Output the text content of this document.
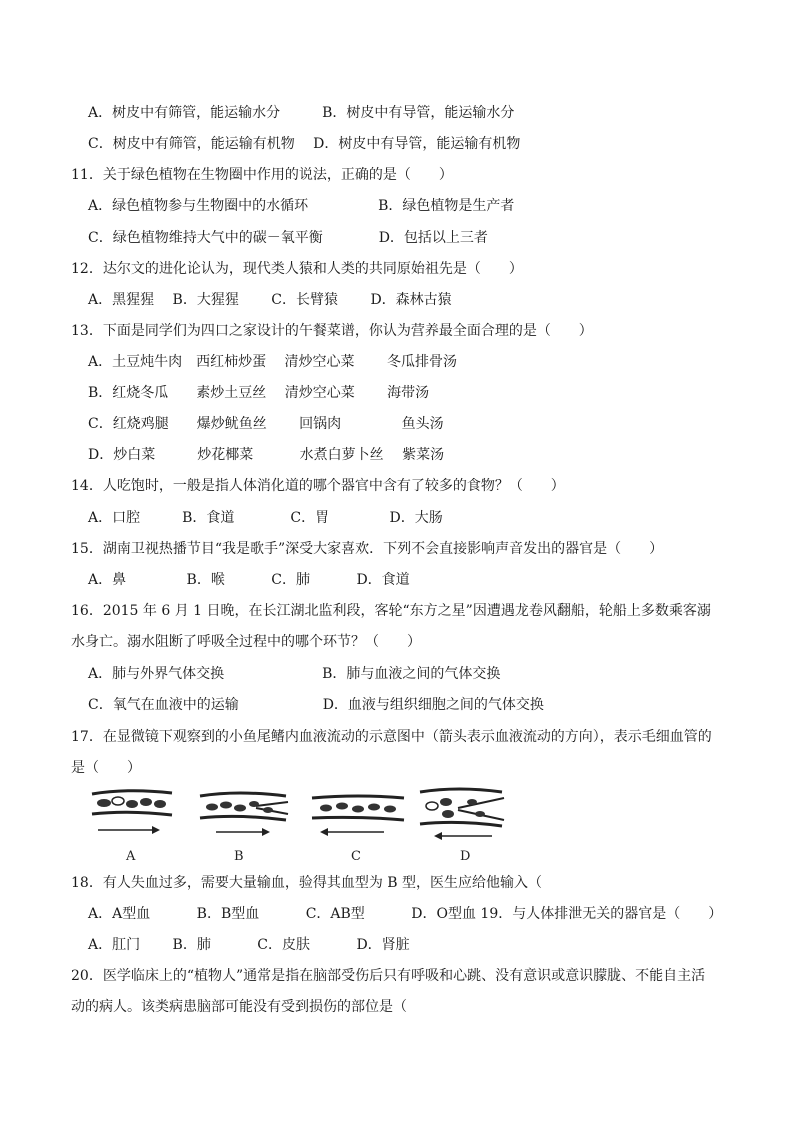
A．树皮中有筛管，能运输水分　　　B．树皮中有导管，能运输水分
C．树皮中有筛管，能运输有机物　 D．树皮中有导管，能运输有机物
11．关于绿色植物在生物圈中作用的说法，正确的是（　　）
A．绿色植物参与生物圈中的水循环　　　　　B．绿色植物是生产者
C．绿色植物维持大气中的碳－氧平衡　　　　D．包括以上三者
12．达尔文的进化论认为，现代类人猿和人类的共同原始祖先是（　　）
A．黑猩猩　 B．大猩猩　　 C．长臂猿　　 D．森林古猿
13．下面是同学们为四口之家设计的午餐菜谱，你认为营养最全面合理的是（　　）
A．土豆炖牛肉　西红柿炒蛋　 清炒空心菜　　 冬瓜排骨汤
B．红烧冬瓜　　素炒土豆丝　 清炒空心菜　　 海带汤
C．红烧鸡腿　　爆炒鱿鱼丝　　 回锅肉　　　　 鱼头汤
D．炒白菜　　　炒花椰菜　　　 水煮白萝卜丝　 紫菜汤
14．人吃饱时，一般是指人体消化道的哪个器官中含有了较多的食物？（　　）
A．口腔　　　B．食道　　　　C．胃　　　　 D．大肠
15．湖南卫视热播节目“我是歌手”深受大家喜欢．下列不会直接影响声音发出的器官是（　　）
A．鼻　　　　 B．喉　　　 C．肺　　　 D．食道
16．2015 年 6 月 1 日晚，在长江湖北监利段，客轮“东方之星”因遭遇龙卷风翻船，轮船上多数乘客溺
水身亡。溺水阻断了呼吸全过程中的哪个环节？（　　）
A．肺与外界气体交换　　　　　　　B．肺与血液之间的气体交换
C．氧气在血液中的运输　　　　　　D．血液与组织细胞之间的气体交换
17．在显微镜下观察到的小鱼尾鳍内血液流动的示意图中（箭头表示血液流动的方向），表示毛细血管的
是（　　）
A	B	C	D
18．有人失血过多，需要大量输血，验得其血型为 B 型，医生应给他输入（
A．A型血　　　 B．B型血　　　 C．AB型　　　 D．O型血 19．与人体排泄无关的器官是（　　）
A．肛门　　 B．肺　　　 C．皮肤　　　 D．肾脏
20．医学临床上的“植物人”通常是指在脑部受伤后只有呼吸和心跳、没有意识或意识朦胧、不能自主活
动的病人。该类病患脑部可能没有受到损伤的部位是（
